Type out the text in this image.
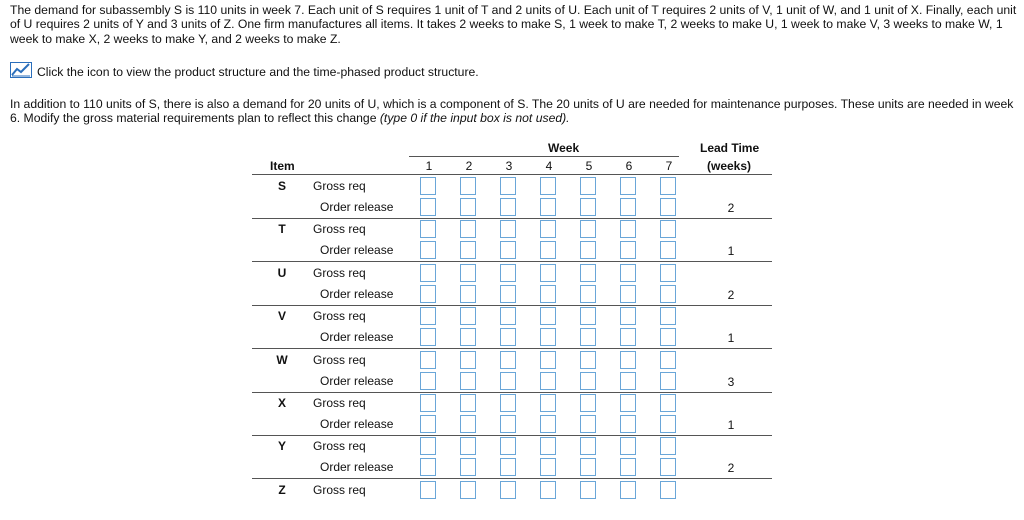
The demand for subassembly S is 110 units in week 7. Each unit of S requires 1 unit of T and 2 units of U. Each unit of T requires 2 units of V, 1 unit of W, and 1 unit of X. Finally, each unit of U requires 2 units of Y and 3 units of Z. One firm manufactures all items. It takes 2 weeks to make S, 1 week to make T, 2 weeks to make U, 1 week to make V, 3 weeks to make W, 1 week to make X, 2 weeks to make Y, and 2 weeks to make Z.
Click the icon to view the product structure and the time-phased product structure.
In addition to 110 units of S, there is also a demand for 20 units of U, which is a component of S. The 20 units of U are needed for maintenance purposes. These units are needed in week 6. Modify the gross material requirements plan to reflect this change (type 0 if the input box is not used).
Week	Lead Time
Item	(weeks)
1	2	3	4	5	6	7
S	Gross req
Order release	2
T	Gross req
Order release	1
U	Gross req
Order release	2
V	Gross req
Order release	1
W	Gross req
Order release	3
X	Gross req
Order release	1
Y	Gross req
Order release	2
Z	Gross req
